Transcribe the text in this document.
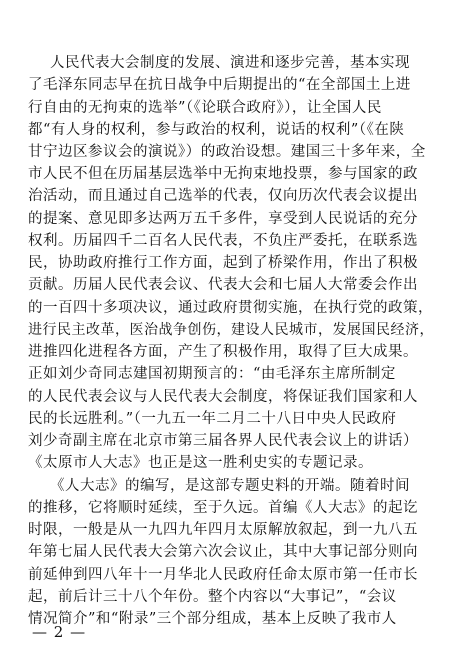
人民代表大会制度的发展、演进和逐步完善，基本实现
了毛泽东同志早在抗日战争中后期提出的“在全部国土上进
行自由的无拘束的选举”（《论联合政府》），让全国人民
都“有人身的权利，参与政治的权利，说话的权利”（《在陕
甘宁边区参议会的演说》）的政治设想。建国三十多年来，全
市人民不但在历届基层选举中无拘束地投票，参与国家的政
治活动，而且通过自己选举的代表，仅向历次代表会议提出
的提案、意见即多达两万五千多件，享受到人民说话的充分
权利。历届四千二百名人民代表，不负庄严委托，在联系选
民，协助政府推行工作方面，起到了桥梁作用，作出了积极
贡献。历届人民代表会议、代表大会和七届人大常委会作出
的一百四十多项决议，通过政府贯彻实施，在执行党的政策，
进行民主改革，医治战争创伤，建设人民城市，发展国民经济，
进推四化进程各方面，产生了积极作用，取得了巨大成果。
正如刘少奇同志建国初期预言的：“由毛泽东主席所制定
的人民代表会议与人民代表大会制度，将保证我们国家和人
民的长远胜利。”（一九五一年二月二十八日中央人民政府
刘少奇副主席在北京市第三届各界人民代表会议上的讲话）
《太原市人大志》也正是这一胜利史实的专题记录。
《人大志》的编写，是这部专题史料的开端。随着时间
的推移，它将顺时延续，至于久远。首编《人大志》的起讫
时限，一般是从一九四九年四月太原解放叙起，到一九八五
年第七届人民代表大会第六次会议止，其中大事记部分则向
前延伸到四八年十一月华北人民政府任命太原市第一任市长
起，前后计三十八个年份。整个内容以“大事记”，“会议
情况简介”和“附录”三个部分组成，基本上反映了我市人
— 2 —
